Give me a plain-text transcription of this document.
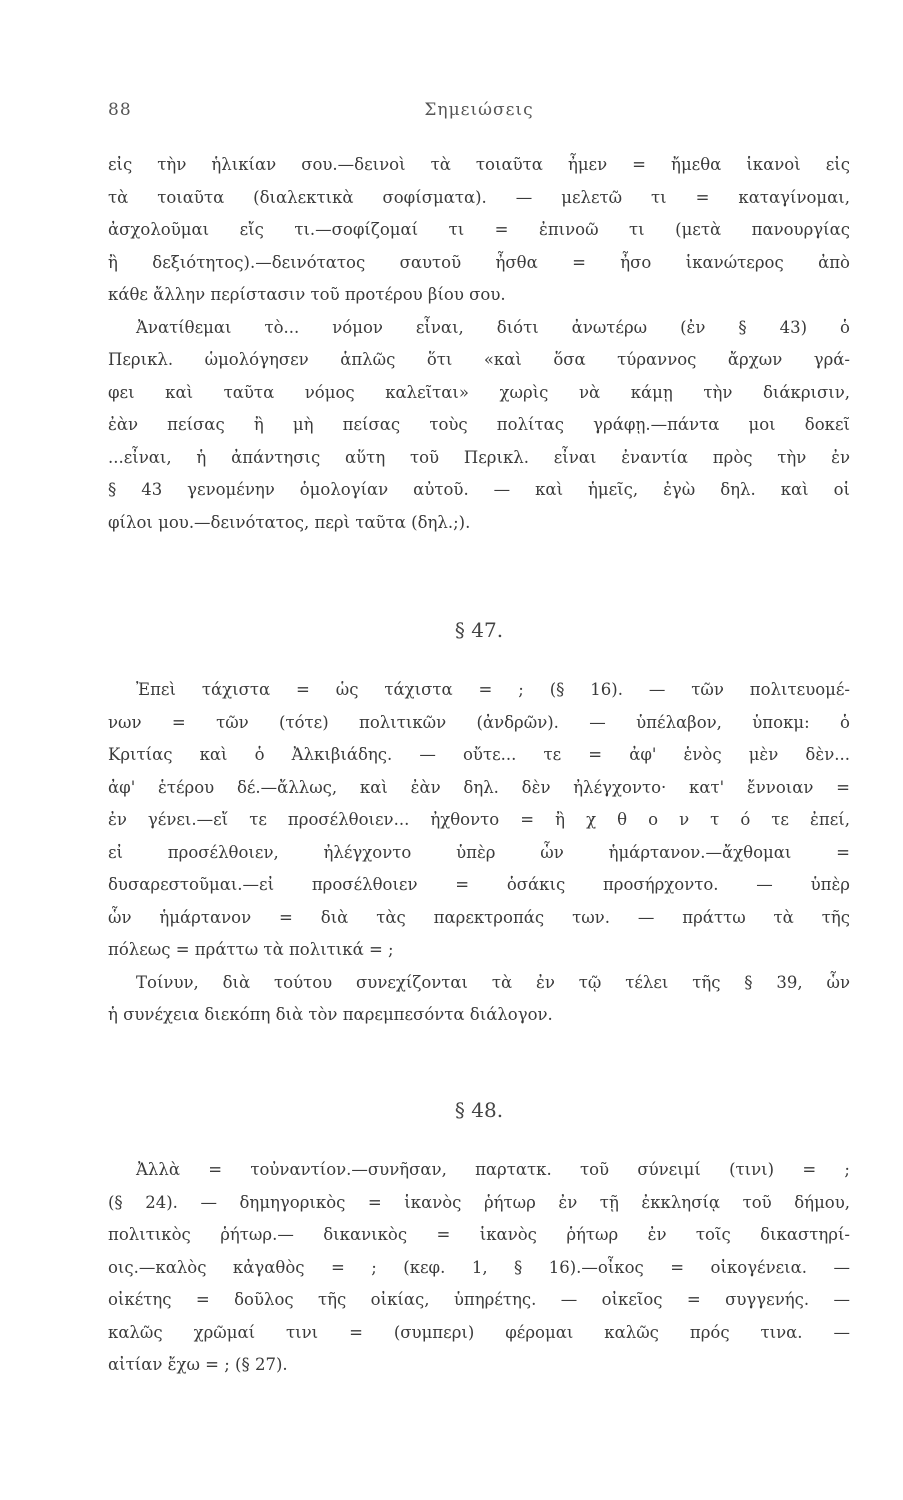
88	Σημειώσεις
εἰς τὴν ἡλικίαν σου.—δεινοὶ τὰ τοιαῦτα ἦμεν = ἤμεθα ἱκανοὶ εἰς
τὰ τοιαῦτα (διαλεκτικὰ σοφίσματα). — μελετῶ τι = καταγίνομαι,
ἀσχολοῦμαι εἴς τι.—σοφίζομαί τι = ἐπινοῶ τι (μετὰ πανουργίας
ἢ δεξιότητος).—δεινότατος σαυτοῦ ἦσθα = ἦσο ἱκανώτερος ἀπὸ
κάθε ἄλλην περίστασιν τοῦ προτέρου βίου σου.
Ἀνατίθεμαι τὸ... νόμον εἶναι, διότι ἀνωτέρω (ἐν § 43) ὁ
Περικλ. ὡμολόγησεν ἁπλῶς ὅτι «καὶ ὅσα τύραννος ἄρχων γρά-
φει καὶ ταῦτα νόμος καλεῖται» χωρὶς νὰ κάμῃ τὴν διάκρισιν,
ἐὰν πείσας ἢ μὴ πείσας τοὺς πολίτας γράφῃ.—πάντα μοι δοκεῖ
...εἶναι, ἡ ἀπάντησις αὕτη τοῦ Περικλ. εἶναι ἐναντία πρὸς τὴν ἐν
§ 43 γενομένην ὁμολογίαν αὐτοῦ. — καὶ ἡμεῖς, ἐγὼ δηλ. καὶ οἱ
φίλοι μου.—δεινότατος, περὶ ταῦτα (δηλ.;).
§ 47.
Ἐπεὶ τάχιστα = ὡς τάχιστα = ; (§ 16). — τῶν πολιτευομέ-
νων = τῶν (τότε) πολιτικῶν (ἀνδρῶν). — ὑπέλαβον, ὑποκμ: ὁ
Κριτίας καὶ ὁ Ἀλκιβιάδης. — οὔτε... τε = ἀφ' ἑνὸς μὲν δὲν...
ἀφ' ἑτέρου δέ.—ἄλλως, καὶ ἐὰν δηλ. δὲν ἠλέγχοντο· κατ' ἔννοιαν =
ἐν γένει.—εἴ τε προσέλθοιεν... ἠχθοντο = ἢ χ θ ο ν τ ό τε ἐπεί,
εἰ προσέλθοιεν, ἠλέγχοντο ὑπὲρ ὧν ἡμάρτανον.—ἄχθομαι =
δυσαρεστοῦμαι.—εἰ προσέλθοιεν = ὁσάκις προσήρχοντο. — ὑπὲρ
ὧν ἡμάρτανον = διὰ τὰς παρεκτροπάς των. — πράττω τὰ τῆς
πόλεως = πράττω τὰ πολιτικά = ;
Τοίνυν, διὰ τούτου συνεχίζονται τὰ ἐν τῷ τέλει τῆς § 39, ὧν
ἡ συνέχεια διεκόπη διὰ τὸν παρεμπεσόντα διάλογον.
§ 48.
Ἀλλὰ = τοὐναντίον.—συνῆσαν, παρτατκ. τοῦ σύνειμί (τινι) = ;
(§ 24). — δημηγορικὸς = ἱκανὸς ῥήτωρ ἐν τῇ ἐκκλησίᾳ τοῦ δήμου,
πολιτικὸς ῥήτωρ.— δικανικὸς = ἱκανὸς ῥήτωρ ἐν τοῖς δικαστηρί-
οις.—καλὸς κἀγαθὸς = ; (κεφ. 1, § 16).—οἶκος = οἰκογένεια. —
οἰκέτης = δοῦλος τῆς οἰκίας, ὑπηρέτης. — οἰκεῖος = συγγενής. —
καλῶς χρῶμαί τινι = (συμπερι) φέρομαι καλῶς πρός τινα. —
αἰτίαν ἔχω = ; (§ 27).
